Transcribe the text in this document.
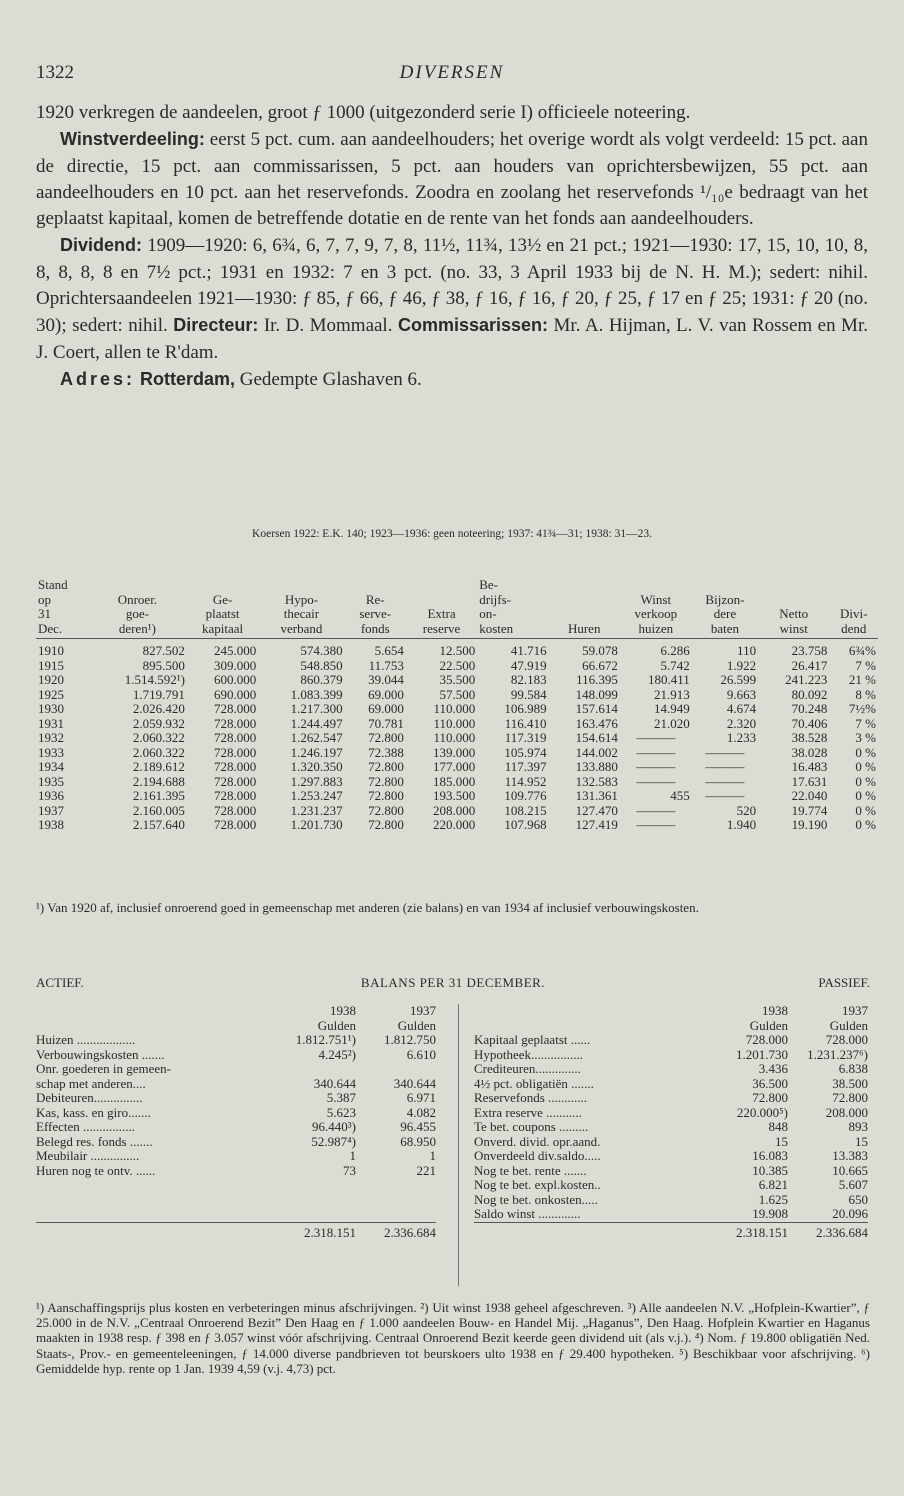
1322	DIVERSEN

1920 verkregen de aandeelen, groot ƒ 1000 (uitgezonderd serie I) officieele noteering.

Winstverdeeling: eerst 5 pct. cum. aan aandeelhouders; het overige wordt als volgt verdeeld: 15 pct. aan de directie, 15 pct. aan commissarissen, 5 pct. aan houders van oprichtersbewijzen, 55 pct. aan aandeelhouders en 10 pct. aan het reservefonds. Zoodra en zoolang het reservefonds ¹/₁₀e bedraagt van het geplaatst kapitaal, komen de betreffende dotatie en de rente van het fonds aan aandeelhouders.

Dividend: 1909—1920: 6, 6¾, 6, 7, 7, 9, 7, 8, 11½, 11¾, 13½ en 21 pct.; 1921—1930: 17, 15, 10, 10, 8, 8, 8, 8, 8 en 7½ pct.; 1931 en 1932: 7 en 3 pct. (no. 33, 3 April 1933 bij de N. H. M.); sedert: nihil. Oprichtersaandeelen 1921—1930: ƒ 85, ƒ 66, ƒ 46, ƒ 38, ƒ 16, ƒ 16, ƒ 20, ƒ 25, ƒ 17 en ƒ 25; 1931: ƒ 20 (no. 30); sedert: nihil. Directeur: Ir. D. Mommaal. Commissarissen: Mr. A. Hijman, L. V. van Rossem en Mr. J. Coert, allen te R'dam.

Adres: Rotterdam, Gedempte Glashaven 6.

Koersen 1922: E.K. 140; 1923—1936: geen noteering; 1937: 41¾—31; 1938: 31—23.
Stand						Be-					
op	Onroer.	Ge-	Hypo-	Re-		drijfs-		Winst	Bijzon-		
31	goe-	plaatst	thecair	serve-	Extra	on-		verkoop	dere	Netto	Divi-
Dec.	deren¹)	kapitaal	verband	fonds	reserve	kosten	Huren	huizen	baten	winst	dend
1910	827.502	245.000	574.380	5.654	12.500	41.716	59.078	6.286	110	23.758	6¾%
1915	895.500	309.000	548.850	11.753	22.500	47.919	66.672	5.742	1.922	26.417	7 %
1920	1.514.592¹)	600.000	860.379	39.044	35.500	82.183	116.395	180.411	26.599	241.223	21 %
1925	1.719.791	690.000	1.083.399	69.000	57.500	99.584	148.099	21.913	9.663	80.092	8 %
1930	2.026.420	728.000	1.217.300	69.000	110.000	106.989	157.614	14.949	4.674	70.248	7½%
1931	2.059.932	728.000	1.244.497	70.781	110.000	116.410	163.476	21.020	2.320	70.406	7 %
1932	2.060.322	728.000	1.262.547	72.800	110.000	117.319	154.614	———	1.233	38.528	3 %
1933	2.060.322	728.000	1.246.197	72.388	139.000	105.974	144.002	———	———	38.028	0 %
1934	2.189.612	728.000	1.320.350	72.800	177.000	117.397	133.880	———	———	16.483	0 %
1935	2.194.688	728.000	1.297.883	72.800	185.000	114.952	132.583	———	———	17.631	0 %
1936	2.161.395	728.000	1.253.247	72.800	193.500	109.776	131.361	455	———	22.040	0 %
1937	2.160.005	728.000	1.231.237	72.800	208.000	108.215	127.470	———	520	19.774	0 %
1938	2.157.640	728.000	1.201.730	72.800	220.000	107.968	127.419	———	1.940	19.190	0 %
¹) Van 1920 af, inclusief onroerend goed in gemeenschap met anderen (zie balans) en van 1934 af inclusief verbouwingskosten.
ACTIEF.	BALANS PER 31 DECEMBER.	PASSIEF.
	1938	1937
	Gulden	Gulden
Huizen ..................	1.812.751¹)	1.812.750
Verbouwingskosten .......	4.245²)	6.610
Onr. goederen in gemeen-		
schap met anderen....	340.644	340.644
Debiteuren...............	5.387	6.971
Kas, kass. en giro.......	5.623	4.082
Effecten ................	96.440³)	96.455
Belegd res. fonds .......	52.987⁴)	68.950
Meubilair ...............	1	1
Huren nog te ontv. ......	73	221

	2.318.151	2.336.684
	1938	1937
	Gulden	Gulden
Kapitaal geplaatst ......	728.000	728.000
Hypotheek................	1.201.730	1.231.237⁶)
Crediteuren..............	3.436	6.838
4½ pct. obligatiën .......	36.500	38.500
Reservefonds ............	72.800	72.800
Extra reserve ...........	220.000⁵)	208.000
Te bet. coupons .........	848	893
Onverd. divid. opr.aand.	15	15
Onverdeeld div.saldo.....	16.083	13.383
Nog te bet. rente .......	10.385	10.665
Nog te bet. expl.kosten..	6.821	5.607
Nog te bet. onkosten.....	1.625	650
Saldo winst .............	19.908	20.096
	2.318.151	2.336.684
¹) Aanschaffingsprijs plus kosten en verbeteringen minus afschrijvingen. ²) Uit winst 1938 geheel afgeschreven. ³) Alle aandeelen N.V. „Hofplein-Kwartier”, ƒ 25.000 in de N.V. „Centraal Onroerend Bezit” Den Haag en ƒ 1.000 aandeelen Bouw- en Handel Mij. „Haganus”, Den Haag. Hofplein Kwartier en Haganus maakten in 1938 resp. ƒ 398 en ƒ 3.057 winst vóór afschrijving. Centraal Onroerend Bezit keerde geen dividend uit (als v.j.). ⁴) Nom. ƒ 19.800 obligatiën Ned. Staats-, Prov.- en gemeenteleeningen, ƒ 14.000 diverse pandbrieven tot beurskoers ulto 1938 en ƒ 29.400 hypotheken. ⁵) Beschikbaar voor afschrijving. ⁶) Gemiddelde hyp. rente op 1 Jan. 1939 4,59 (v.j. 4,73) pct.
